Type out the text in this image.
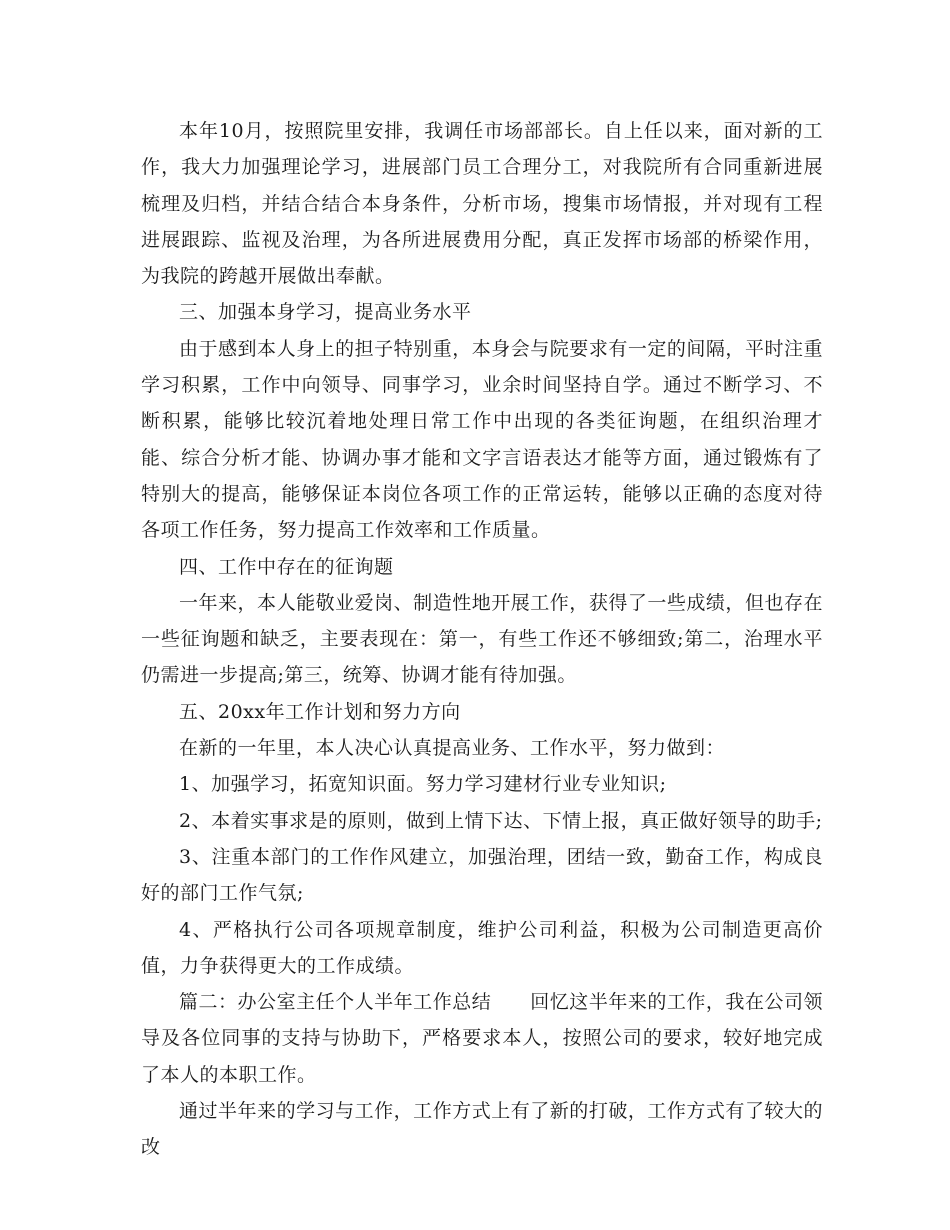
本年10月，按照院里安排，我调任市场部部长。自上任以来，面对新的工作，我大力加强理论学习，进展部门员工合理分工，对我院所有合同重新进展梳理及归档，并结合结合本身条件，分析市场，搜集市场情报，并对现有工程进展跟踪、监视及治理，为各所进展费用分配，真正发挥市场部的桥梁作用，为我院的跨越开展做出奉献。

三、加强本身学习，提高业务水平

由于感到本人身上的担子特别重，本身会与院要求有一定的间隔，平时注重学习积累，工作中向领导、同事学习，业余时间坚持自学。通过不断学习、不断积累，能够比较沉着地处理日常工作中出现的各类征询题，在组织治理才能、综合分析才能、协调办事才能和文字言语表达才能等方面，通过锻炼有了特别大的提高，能够保证本岗位各项工作的正常运转，能够以正确的态度对待各项工作任务，努力提高工作效率和工作质量。

四、工作中存在的征询题

一年来，本人能敬业爱岗、制造性地开展工作，获得了一些成绩，但也存在一些征询题和缺乏，主要表现在：第一，有些工作还不够细致;第二，治理水平仍需进一步提高;第三，统筹、协调才能有待加强。

五、20xx年工作计划和努力方向

在新的一年里，本人决心认真提高业务、工作水平，努力做到：

1、加强学习，拓宽知识面。努力学习建材行业专业知识;

2、本着实事求是的原则，做到上情下达、下情上报，真正做好领导的助手;

3、注重本部门的工作作风建立，加强治理，团结一致，勤奋工作，构成良好的部门工作气氛;

4、严格执行公司各项规章制度，维护公司利益，积极为公司制造更高价值，力争获得更大的工作成绩。

篇二：办公室主任个人半年工作总结　　回忆这半年来的工作，我在公司领导及各位同事的支持与协助下，严格要求本人，按照公司的要求，较好地完成了本人的本职工作。

通过半年来的学习与工作，工作方式上有了新的打破，工作方式有了较大的改
